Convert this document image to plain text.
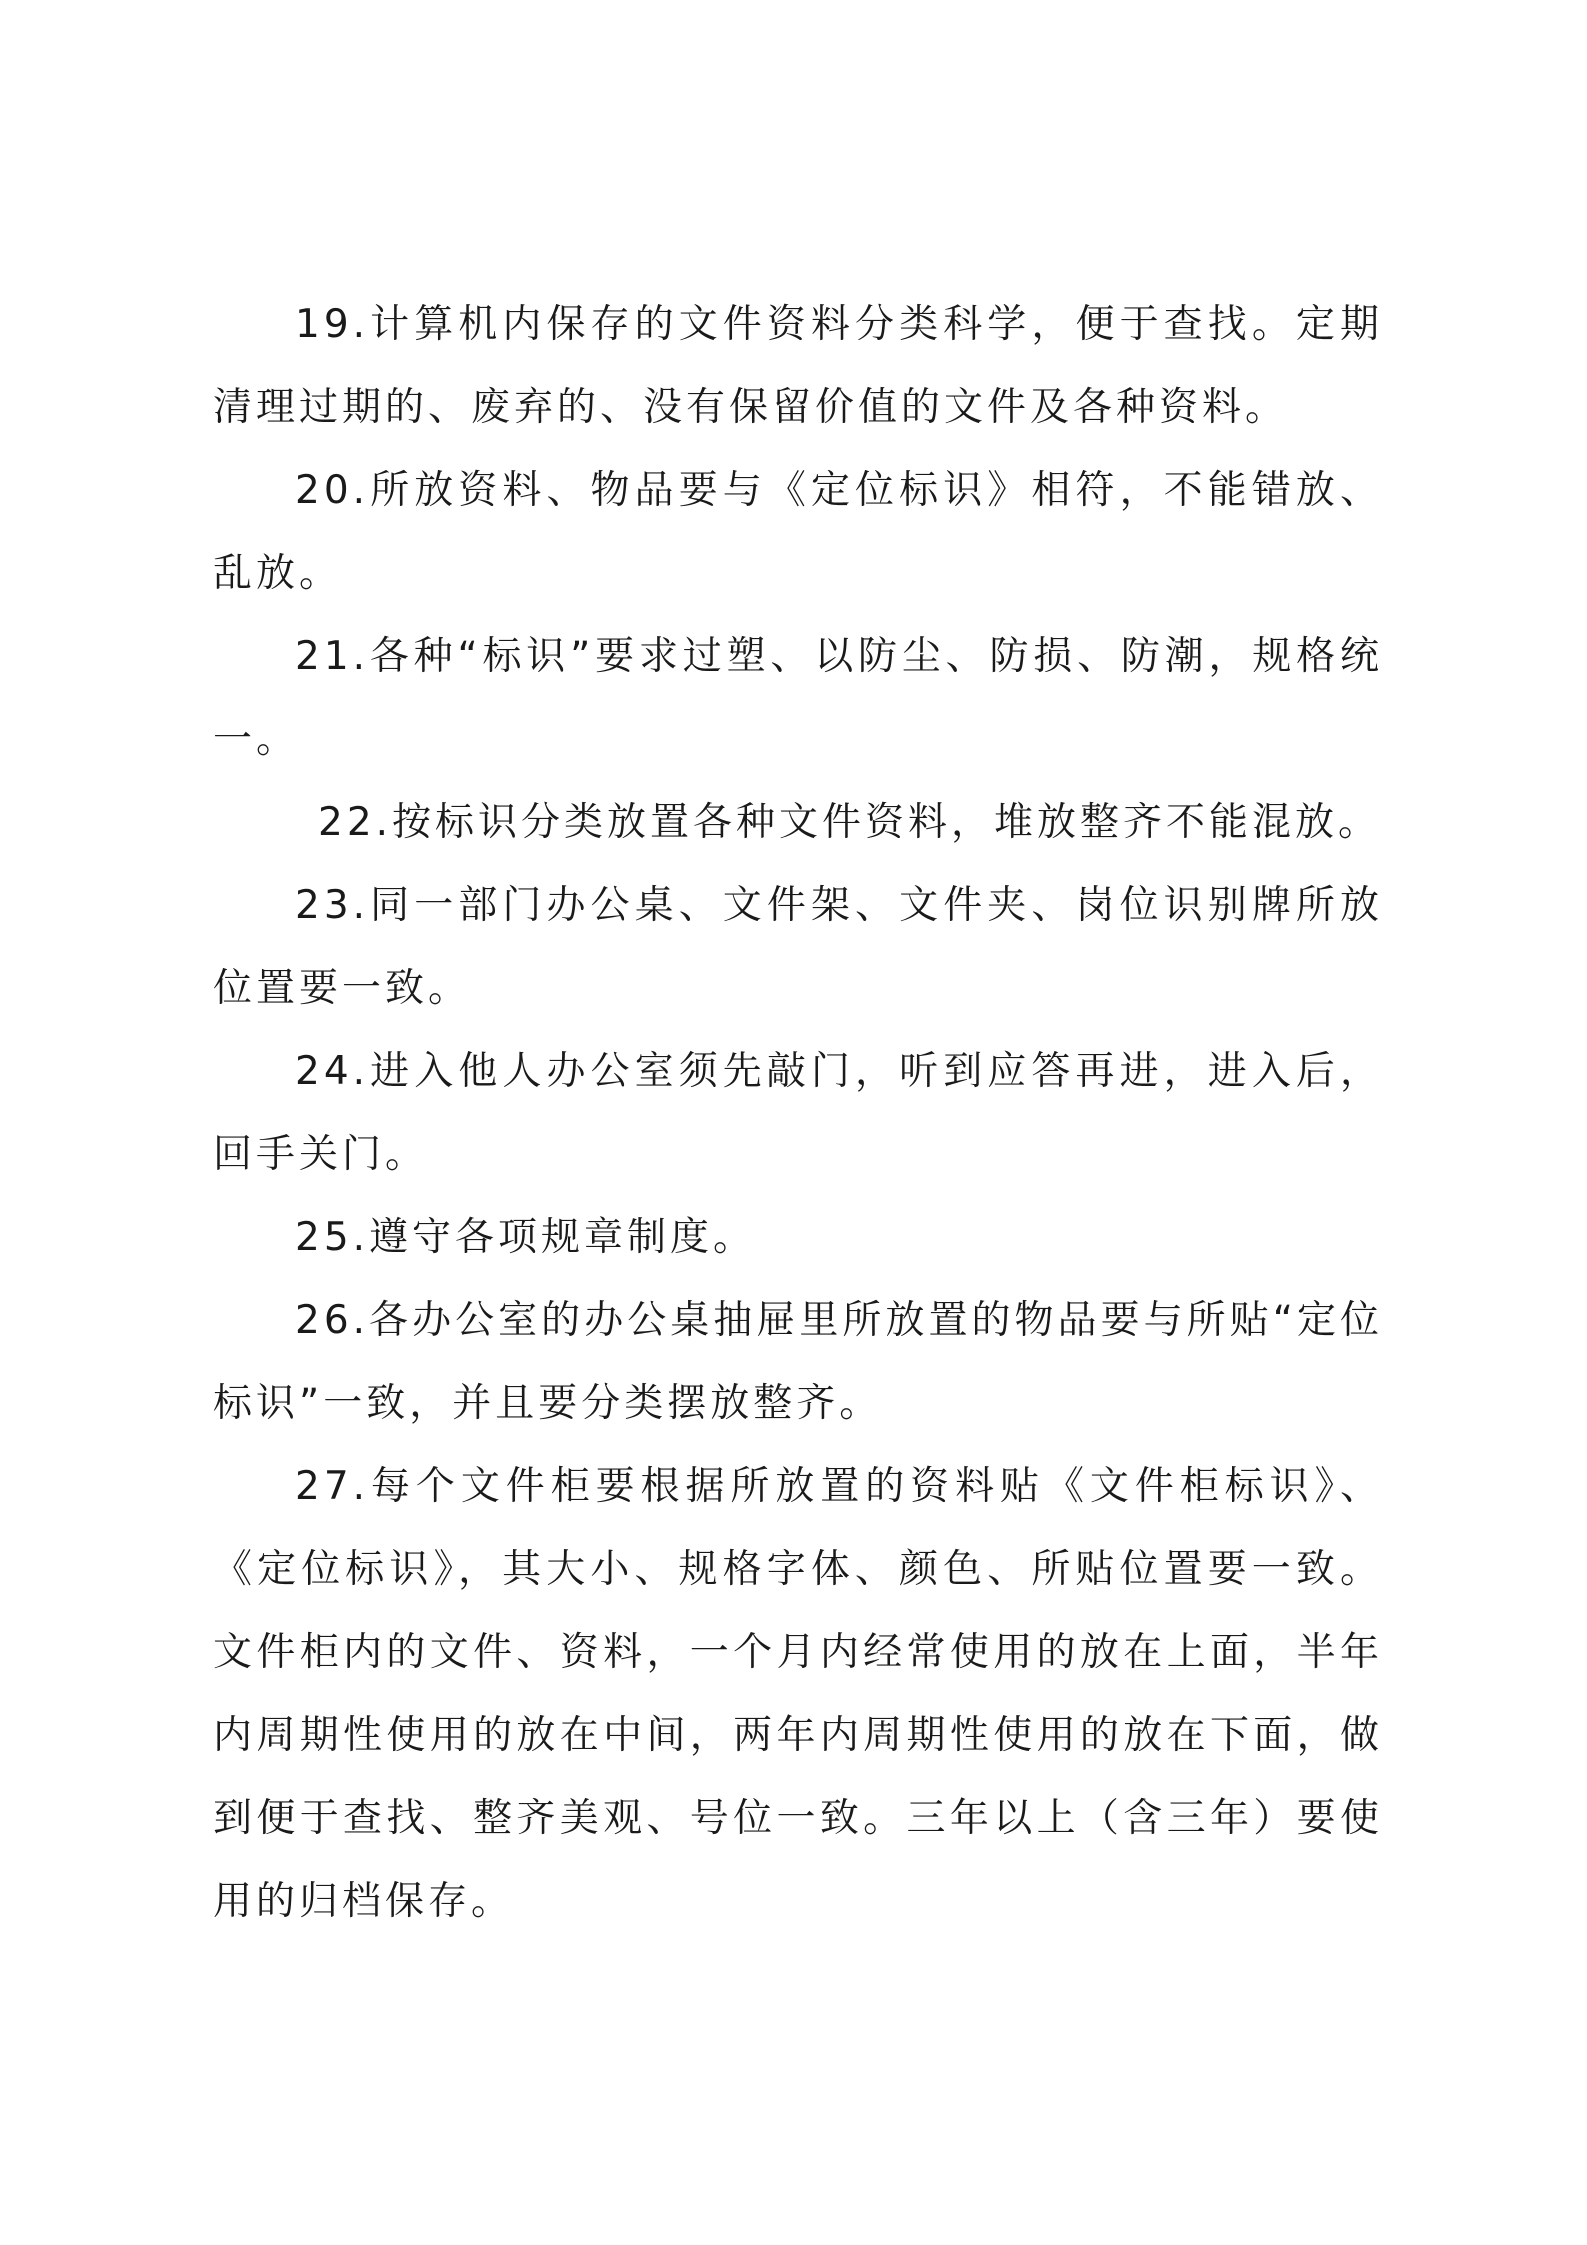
19.计算机内保存的文件资料分类科学，便于查找。定期清理过期的、废弃的、没有保留价值的文件及各种资料。

20.所放资料、物品要与《定位标识》相符，不能错放、乱放。

21.各种“标识”要求过塑、以防尘、防损、防潮，规格统一。

22.按标识分类放置各种文件资料，堆放整齐不能混放。

23.同一部门办公桌、文件架、文件夹、岗位识别牌所放位置要一致。

24.进入他人办公室须先敲门，听到应答再进，进入后，回手关门。

25.遵守各项规章制度。

26.各办公室的办公桌抽屉里所放置的物品要与所贴“定位标识”一致，并且要分类摆放整齐。

27.每个文件柜要根据所放置的资料贴《文件柜标识》、《定位标识》，其大小、规格字体、颜色、所贴位置要一致。文件柜内的文件、资料，一个月内经常使用的放在上面，半年内周期性使用的放在中间，两年内周期性使用的放在下面，做到便于查找、整齐美观、号位一致。三年以上（含三年）要使用的归档保存。
